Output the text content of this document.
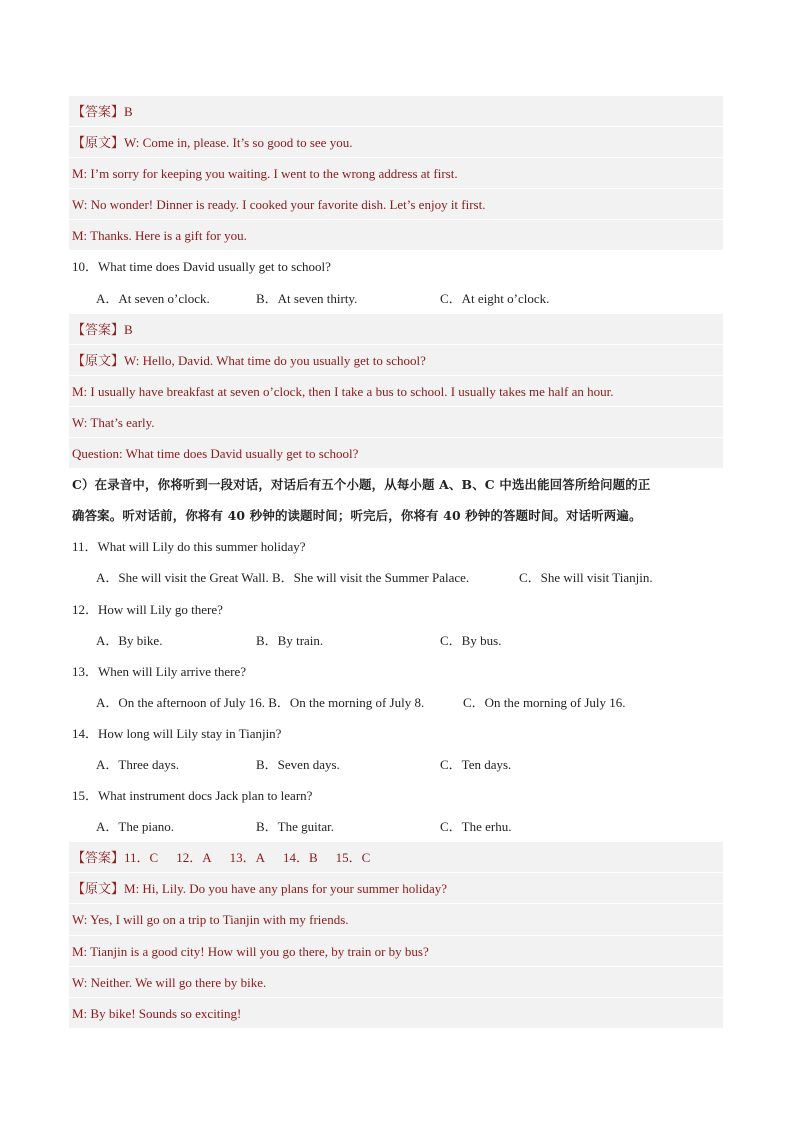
【答案】B
【原文】W: Come in, please. It’s so good to see you.
M: I’m sorry for keeping you waiting. I went to the wrong address at first.
W: No wonder! Dinner is ready. I cooked your favorite dish. Let’s enjoy it first.
M: Thanks. Here is a gift for you.
10．What time does David usually get to school?
A．At seven o’clock.	B．At seven thirty.	C．At eight o’clock.
【答案】B
【原文】W: Hello, David. What time do you usually get to school?
M: I usually have breakfast at seven o’clock, then I take a bus to school. I usually takes me half an hour.
W: That’s early.
Question: What time does David usually get to school?
C）在录音中，你将听到一段对话，对话后有五个小题，从每小题 A、B、C 中选出能回答所给问题的正
确答案。听对话前，你将有 40 秒钟的读题时间；听完后，你将有 40 秒钟的答题时间。对话听两遍。
11．What will Lily do this summer holiday?
A．She will visit the Great Wall. B．She will visit the Summer Palace.	C．She will visit Tianjin.
12．How will Lily go there?
A．By bike.	B．By train.	C．By bus.
13．When will Lily arrive there?
A．On the afternoon of July 16. B．On the morning of July 8.	C．On the morning of July 16.
14．How long will Lily stay in Tianjin?
A．Three days.	B．Seven days.	C．Ten days.
15．What instrument docs Jack plan to learn?
A．The piano.	B．The guitar.	C．The erhu.
【答案】11．C 12．A 13．A 14．B 15．C
【原文】M: Hi, Lily. Do you have any plans for your summer holiday?
W: Yes, I will go on a trip to Tianjin with my friends.
M: Tianjin is a good city! How will you go there, by train or by bus?
W: Neither. We will go there by bike.
M: By bike! Sounds so exciting!
